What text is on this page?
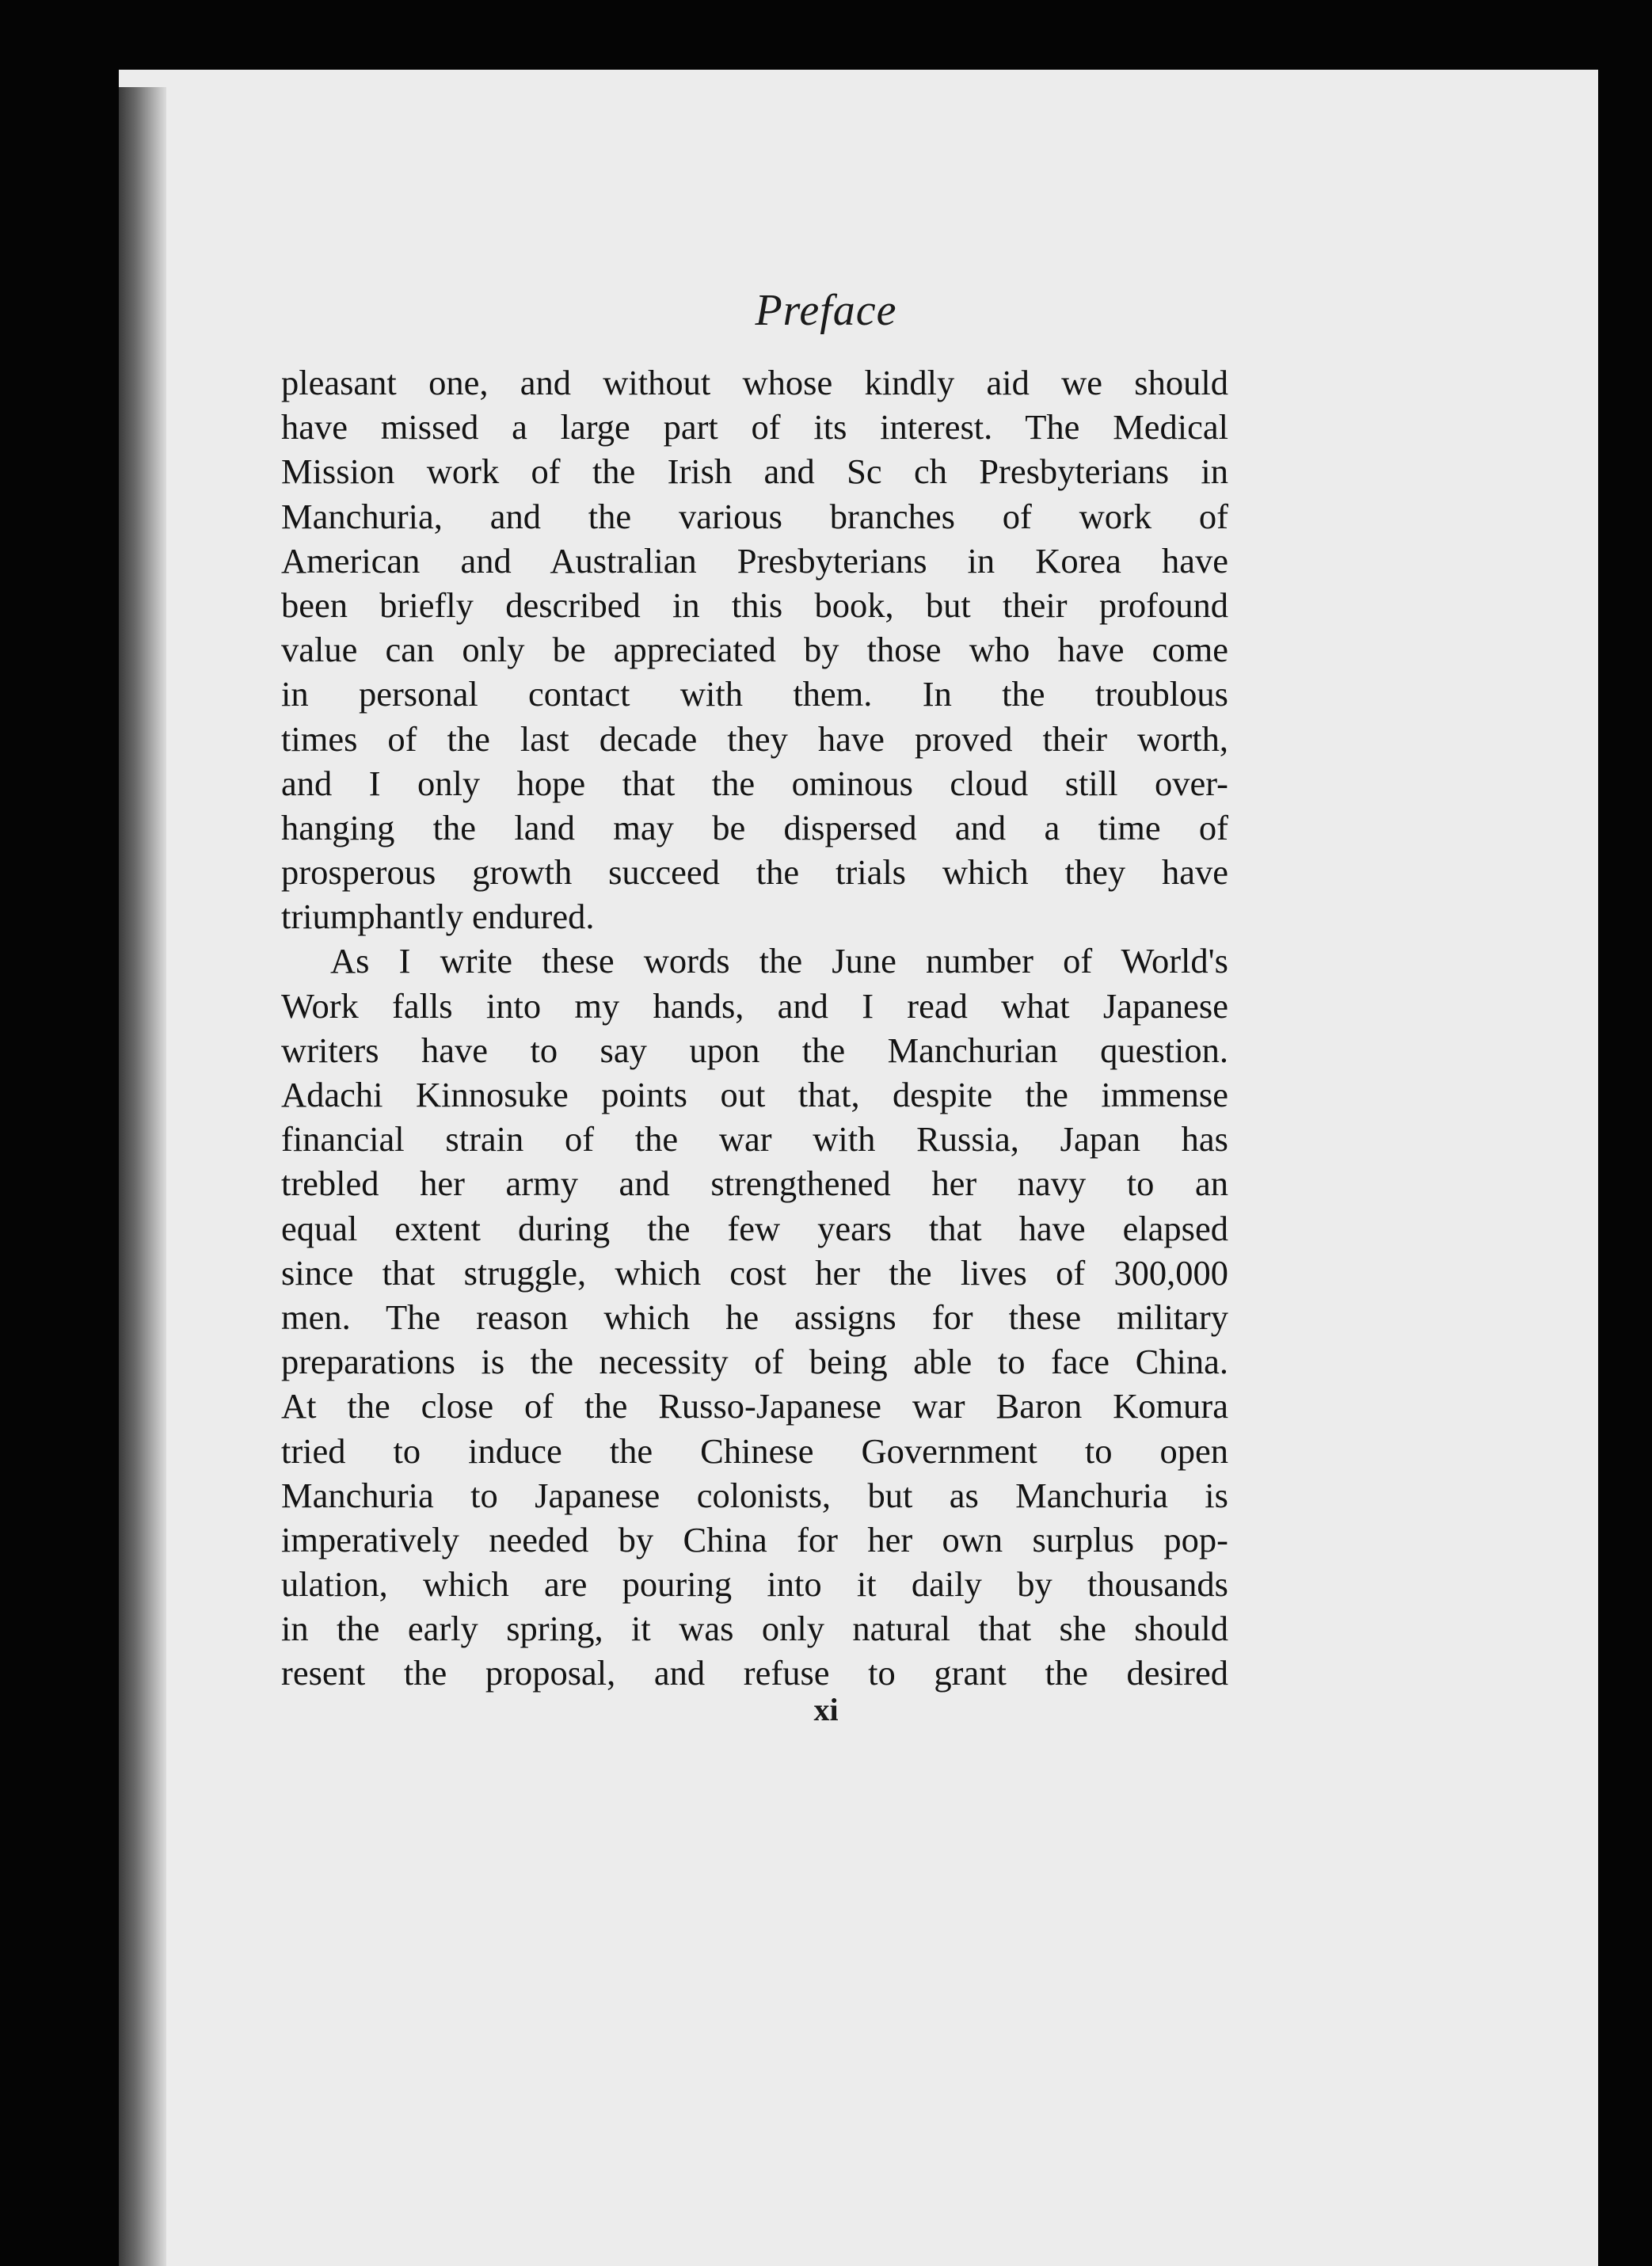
Preface
pleasant one, and without whose kindly aid we should
have missed a large part of its interest. The Medical
Mission work of the Irish and Sc ch Presbyterians in
Manchuria, and the various branches of work of
American and Australian Presbyterians in Korea have
been briefly described in this book, but their profound
value can only be appreciated by those who have come
in personal contact with them. In the troublous
times of the last decade they have proved their worth,
and I only hope that the ominous cloud still over-
hanging the land may be dispersed and a time of
prosperous growth succeed the trials which they have
triumphantly endured.
As I write these words the June number of World's
Work falls into my hands, and I read what Japanese
writers have to say upon the Manchurian question.
Adachi Kinnosuke points out that, despite the immense
financial strain of the war with Russia, Japan has
trebled her army and strengthened her navy to an
equal extent during the few years that have elapsed
since that struggle, which cost her the lives of 300,000
men. The reason which he assigns for these military
preparations is the necessity of being able to face China.
At the close of the Russo-Japanese war Baron Komura
tried to induce the Chinese Government to open
Manchuria to Japanese colonists, but as Manchuria is
imperatively needed by China for her own surplus pop-
ulation, which are pouring into it daily by thousands
in the early spring, it was only natural that she should
resent the proposal, and refuse to grant the desired
xi
